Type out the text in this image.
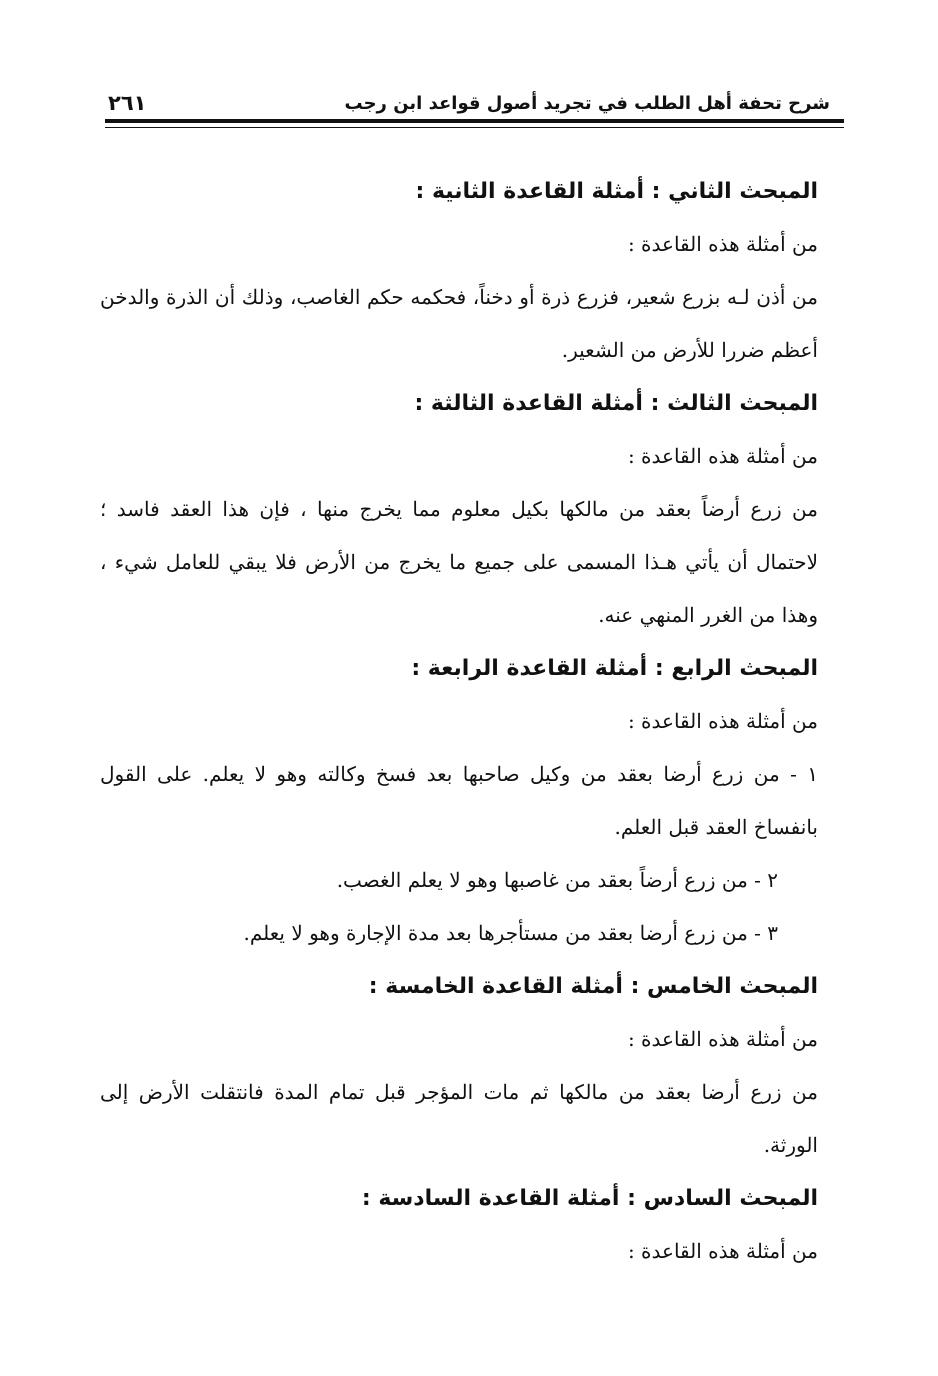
شرح تحفة أهل الطلب في تجريد أصول قواعد ابن رجب
٢٦١

المبحث الثاني : أمثلة القاعدة الثانية :

من أمثلة هذه القاعدة :

من أذن لـه بزرع شعير، فزرع ذرة أو دخناً، فحكمه حكم الغاصب، وذلك أن الذرة والدخن أعظم ضررا للأرض من الشعير.

المبحث الثالث : أمثلة القاعدة الثالثة :

من أمثلة هذه القاعدة :

من زرع أرضاً بعقد من مالكها بكيل معلوم مما يخرج منها ، فإن هذا العقد فاسد ؛ لاحتمال أن يأتي هـذا المسمى على جميع ما يخرج من الأرض فلا يبقي للعامل شيء ، وهذا من الغرر المنهي عنه.

المبحث الرابع : أمثلة القاعدة الرابعة :

من أمثلة هذه القاعدة :

١ - من زرع أرضا بعقد من وكيل صاحبها بعد فسخ وكالته وهو لا يعلم. على القول بانفساخ العقد قبل العلم.

٢ - من زرع أرضاً بعقد من غاصبها وهو لا يعلم الغصب.

٣ - من زرع أرضا بعقد من مستأجرها بعد مدة الإجارة وهو لا يعلم.

المبحث الخامس : أمثلة القاعدة الخامسة :

من أمثلة هذه القاعدة :

من زرع أرضا بعقد من مالكها ثم مات المؤجر قبل تمام المدة فانتقلت الأرض إلى الورثة.

المبحث السادس : أمثلة القاعدة السادسة :

من أمثلة هذه القاعدة :
